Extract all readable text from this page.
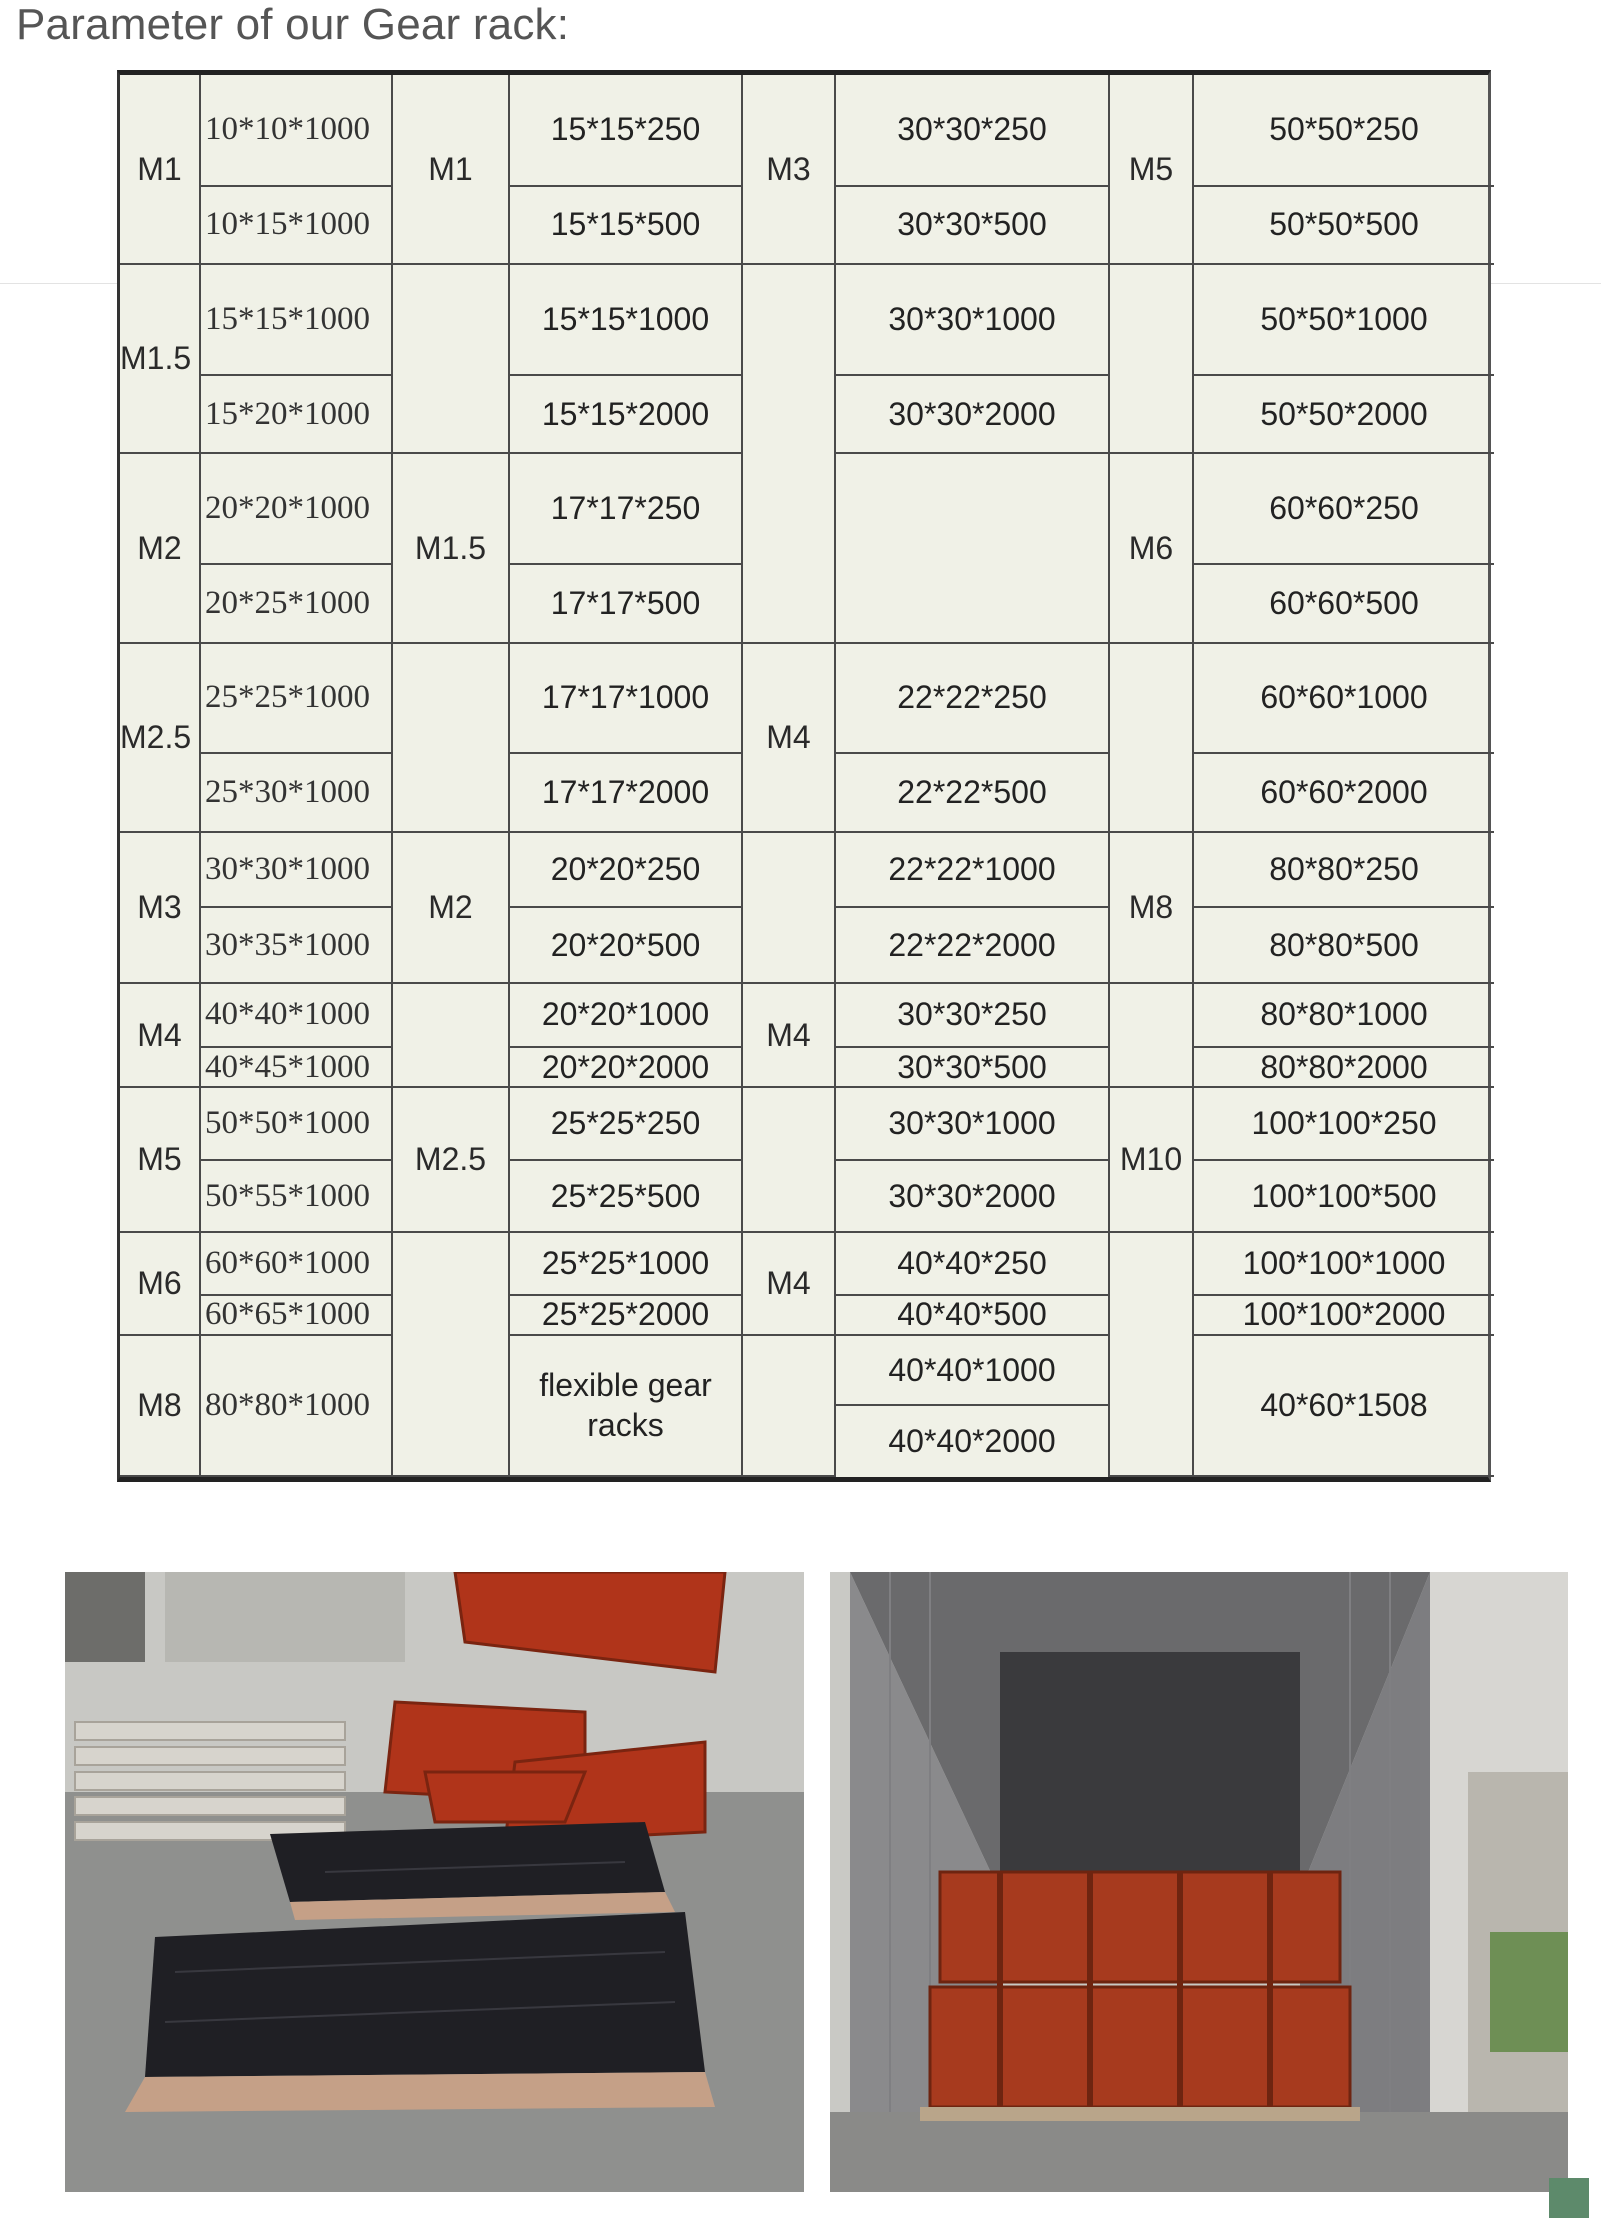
Parameter of our Gear rack:
M1	10*10*1000	M1	15*15*250	M3	30*30*250	M5	50*50*250
	10*15*1000		15*15*500		30*30*500		50*50*500
M1.5	15*15*1000		15*15*1000		30*30*1000		50*50*1000
	15*20*1000		15*15*2000		30*30*2000		50*50*2000
M2	20*20*1000	M1.5	17*17*250			M6	60*60*250
	20*25*1000		17*17*500				60*60*500
M2.5	25*25*1000		17*17*1000	M4	22*22*250		60*60*1000
	25*30*1000		17*17*2000		22*22*500		60*60*2000
M3	30*30*1000	M2	20*20*250		22*22*1000	M8	80*80*250
	30*35*1000		20*20*500		22*22*2000		80*80*500
M4	40*40*1000		20*20*1000	M4	30*30*250		80*80*1000
	40*45*1000		20*20*2000		30*30*500		80*80*2000
M5	50*50*1000	M2.5	25*25*250		30*30*1000	M10	100*100*250
	50*55*1000		25*25*500		30*30*2000		100*100*500
M6	60*60*1000		25*25*1000	M4	40*40*250		100*100*1000
	60*65*1000		25*25*2000		40*40*500		100*100*2000
M8	80*80*1000		flexible gear racks		40*40*1000		40*60*1508
					40*40*2000		
